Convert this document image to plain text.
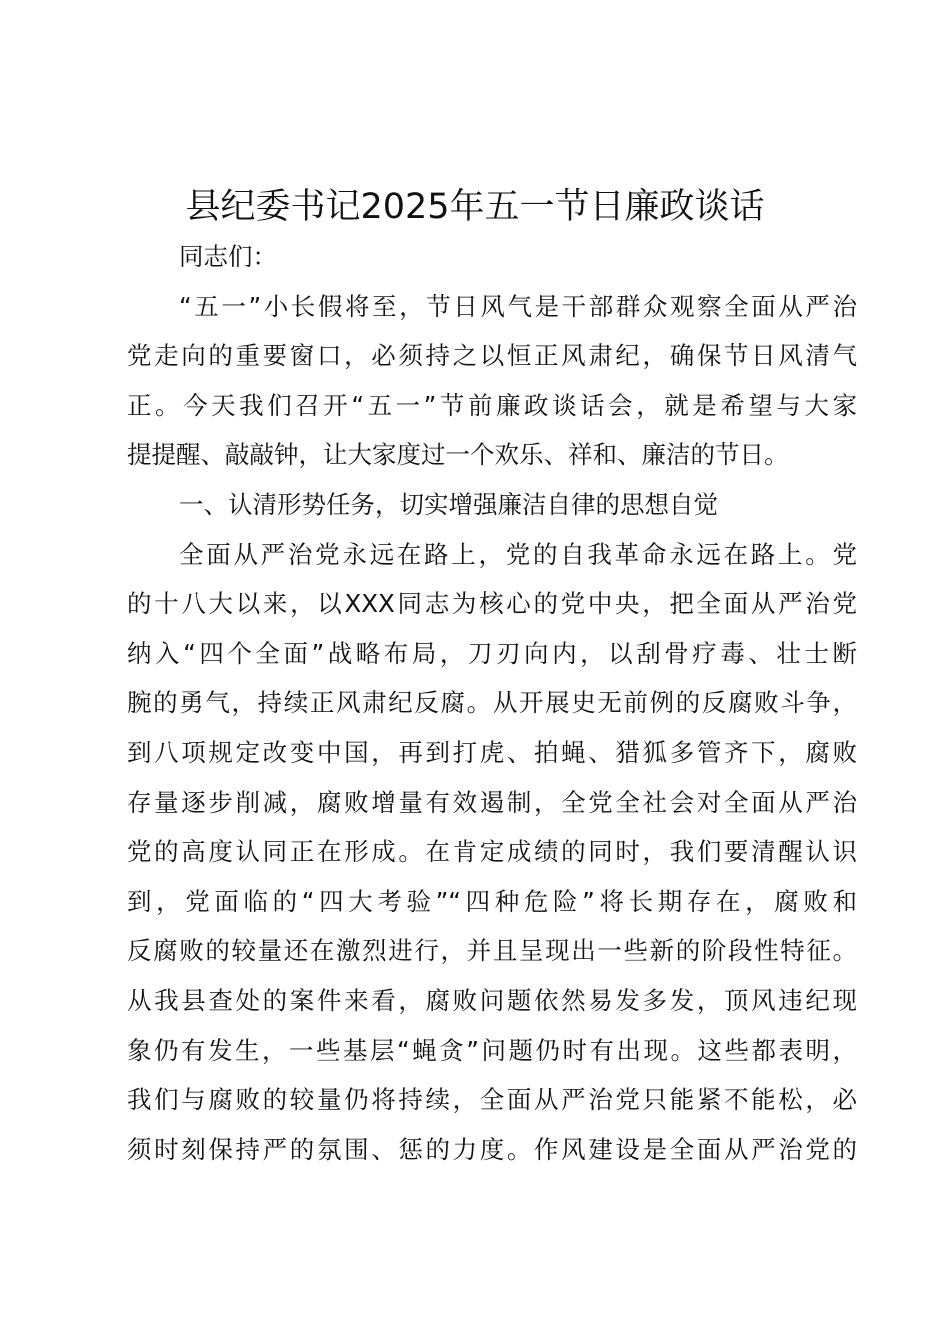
县纪委书记2025年五一节日廉政谈话
同志们：
“五一”小长假将至，节日风气是干部群众观察全面从严治
党走向的重要窗口，必须持之以恒正风肃纪，确保节日风清气
正。今天我们召开“五一”节前廉政谈话会，就是希望与大家
提提醒、敲敲钟，让大家度过一个欢乐、祥和、廉洁的节日。
一、认清形势任务，切实增强廉洁自律的思想自觉
全面从严治党永远在路上，党的自我革命永远在路上。党
的十八大以来，以XXX同志为核心的党中央，把全面从严治党
纳入“四个全面”战略布局，刀刃向内，以刮骨疗毒、壮士断
腕的勇气，持续正风肃纪反腐。从开展史无前例的反腐败斗争，
到八项规定改变中国，再到打虎、拍蝇、猎狐多管齐下，腐败
存量逐步削减，腐败增量有效遏制，全党全社会对全面从严治
党的高度认同正在形成。在肯定成绩的同时，我们要清醒认识
到，党面临的“四大考验”“四种危险”将长期存在，腐败和
反腐败的较量还在激烈进行，并且呈现出一些新的阶段性特征。
从我县查处的案件来看，腐败问题依然易发多发，顶风违纪现
象仍有发生，一些基层“蝇贪”问题仍时有出现。这些都表明，
我们与腐败的较量仍将持续，全面从严治党只能紧不能松，必
须时刻保持严的氛围、惩的力度。作风建设是全面从严治党的
